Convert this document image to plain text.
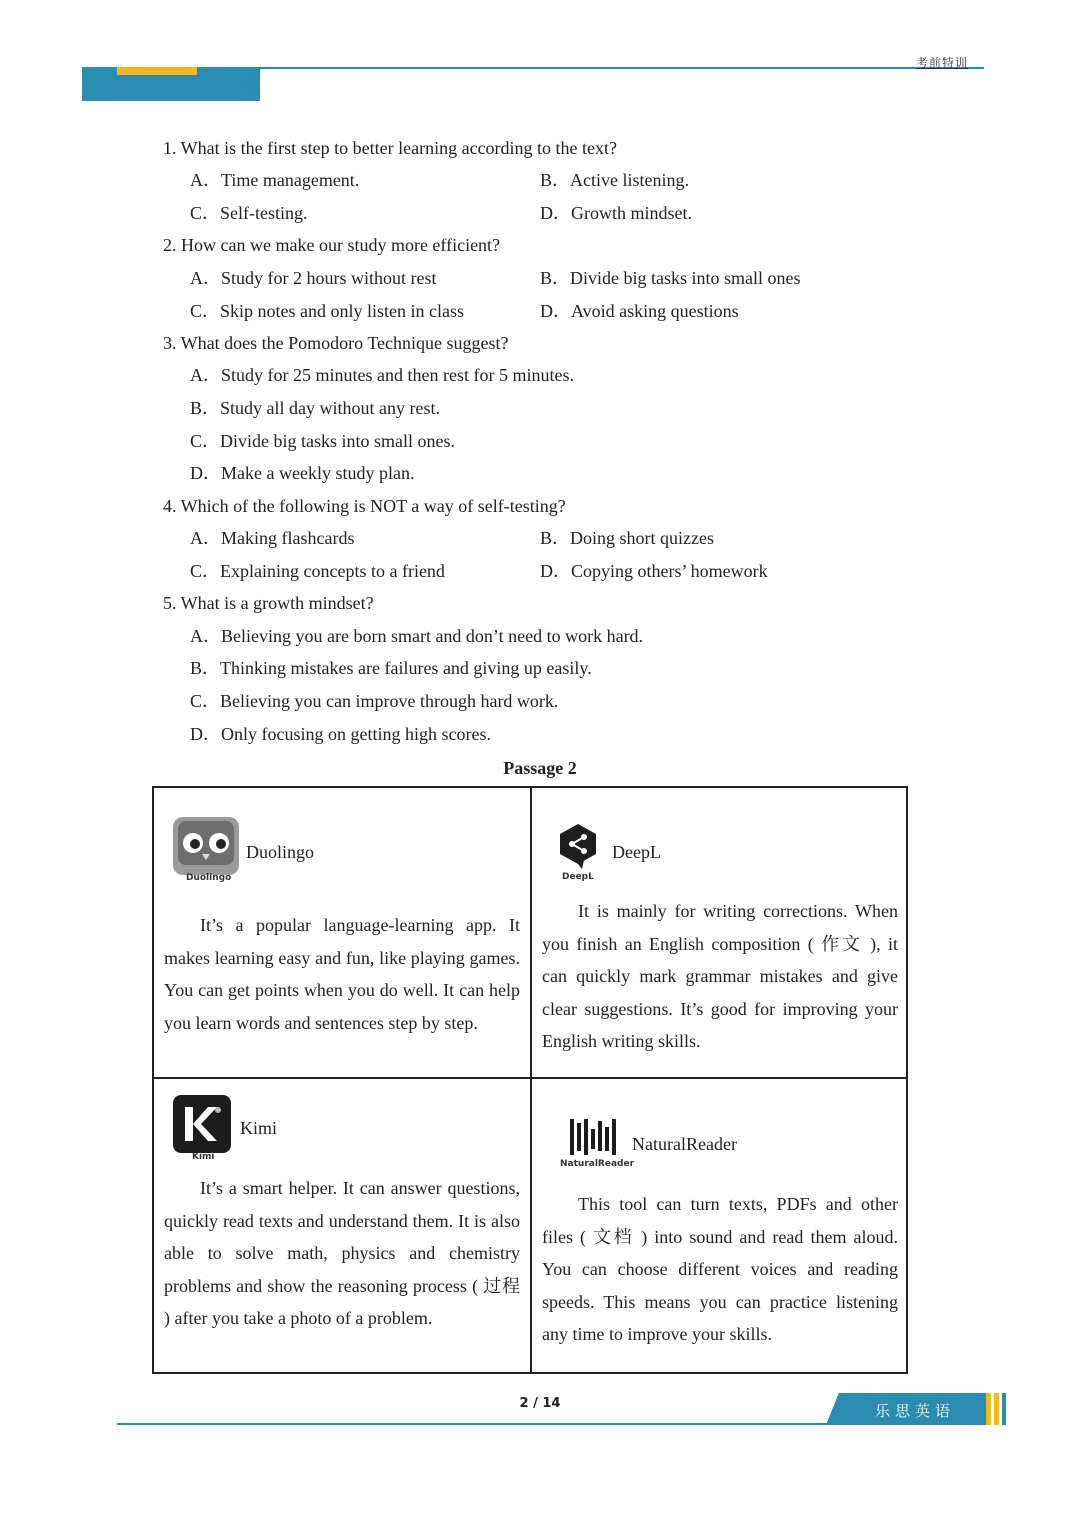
考前特训
1. What is the first step to better learning according to the text?
A．Time management.	B．Active listening.
C．Self-testing.	D．Growth mindset.
2. How can we make our study more efficient?
A．Study for 2 hours without rest	B．Divide big tasks into small ones
C．Skip notes and only listen in class	D．Avoid asking questions
3. What does the Pomodoro Technique suggest?
A．Study for 25 minutes and then rest for 5 minutes.
B．Study all day without any rest.
C．Divide big tasks into small ones.
D．Make a weekly study plan.
4. Which of the following is NOT a way of self-testing?
A．Making flashcards	B．Doing short quizzes
C．Explaining concepts to a friend	D．Copying others’ homework
5. What is a growth mindset?
A．Believing you are born smart and don’t need to work hard.
B．Thinking mistakes are failures and giving up easily.
C．Believing you can improve through hard work.
D．Only focusing on getting high scores.
Passage 2
Duolingo
Duolingo

It’s a popular language-learning app. It makes learning easy and fun, like playing games. You can get points when you do well. It can help you learn words and sentences step by step.

DeepL
DeepL

It is mainly for writing corrections. When you finish an English composition ( 作文 ), it can quickly mark grammar mistakes and give clear suggestions. It’s good for improving your English writing skills.

Kimi
Kimi

It’s a smart helper. It can answer questions, quickly read texts and understand them. It is also able to solve math, physics and chemistry problems and show the reasoning process ( 过程 ) after you take a photo of a problem.

NaturalReader
NaturalReader

This tool can turn texts, PDFs and other files ( 文档 ) into sound and read them aloud. You can choose different voices and reading speeds. This means you can practice listening any time to improve your skills.

2 / 14	乐思英语
